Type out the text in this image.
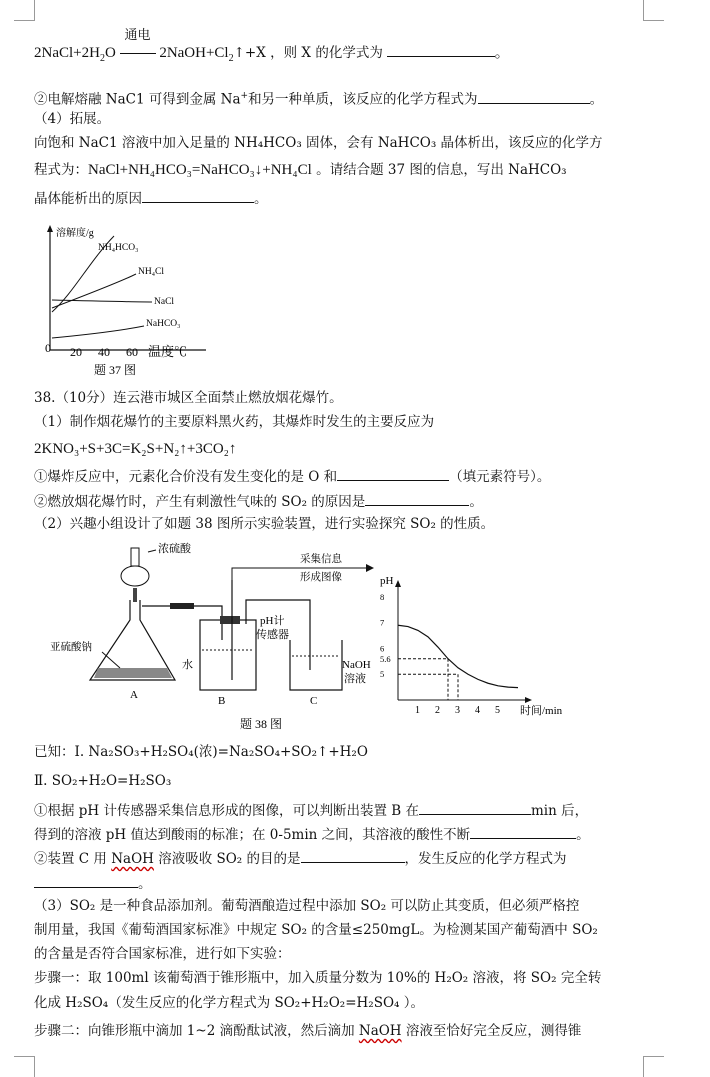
$2NaCl+2H_2O$
通电
$2NaOH+Cl_2↑+X$ ，则 X 的化学式为	。
②电解熔融 NaC1 可得到金属 Na+和另一种单质，该反应的化学方程式为	。
（4）拓展。
向饱和 NaC1 溶液中加入足量的 NH₄HCO₃ 固体，会有 NaHCO₃ 晶体析出，该反应的化学方
程式为：NaCl+NH₄HCO₃=NaHCO₃↓+NH₄Cl 。请结合题 37 图的信息，写出 NaHCO₃
晶体能析出的原因	。
溶解度/g
NH₄HCO₃
NH₄Cl
NaCl
NaHCO₃
0 20 40 60 温度℃
题 37 图
38.（10分）连云港市城区全面禁止燃放烟花爆竹。
（1）制作烟花爆竹的主要原料黑火药，其爆炸时发生的主要反应为
2KNO₃+S+3C=K₂S+N₂↑+3CO₂↑
①爆炸反应中，元素化合价没有发生变化的是 O 和	（填元素符号）。
②燃放烟花爆竹时，产生有刺激性气味的 SO₂ 的原因是	。
（2）兴趣小组设计了如题 38 图所示实验装置，进行实验探究 SO₂ 的性质。
浓硫酸
亚硫酸钠
A
水
B
pH计
传感器
采集信息
形成图像
NaOH
溶液
C
pH
时间/min
1 2 3 4 5
8
7
6
5.6
5
题 38 图
已知：I. Na₂SO₃+H₂SO₄(浓)=Na₂SO₄+SO₂↑+H₂O
Ⅱ. SO₂+H₂O=H₂SO₃
①根据 pH 计传感器采集信息形成的图像，可以判断出装置 B 在	min 后，
得到的溶液 pH 值达到酸雨的标准；在 0-5min 之间，其溶液的酸性不断	。
②装置 C 用 NaOH 溶液吸收 SO₂ 的目的是	，发生反应的化学方程式为
。
（3）SO₂ 是一种食品添加剂。葡萄酒酿造过程中添加 SO₂ 可以防止其变质，但必须严格控
制用量，我国《葡萄酒国家标准》中规定 SO₂ 的含量≤250mgL。为检测某国产葡萄酒中 SO₂
的含量是否符合国家标准，进行如下实验：
步骤一：取 100ml 该葡萄酒于锥形瓶中，加入质量分数为 10%的 H₂O₂ 溶液，将 SO₂ 完全转
化成 H₂SO₄（发生反应的化学方程式为 SO₂+H₂O₂=H₂SO₄ ）。
步骤二：向锥形瓶中滴加 1~2 滴酚酞试液，然后滴加 NaOH 溶液至恰好完全反应，测得锥
